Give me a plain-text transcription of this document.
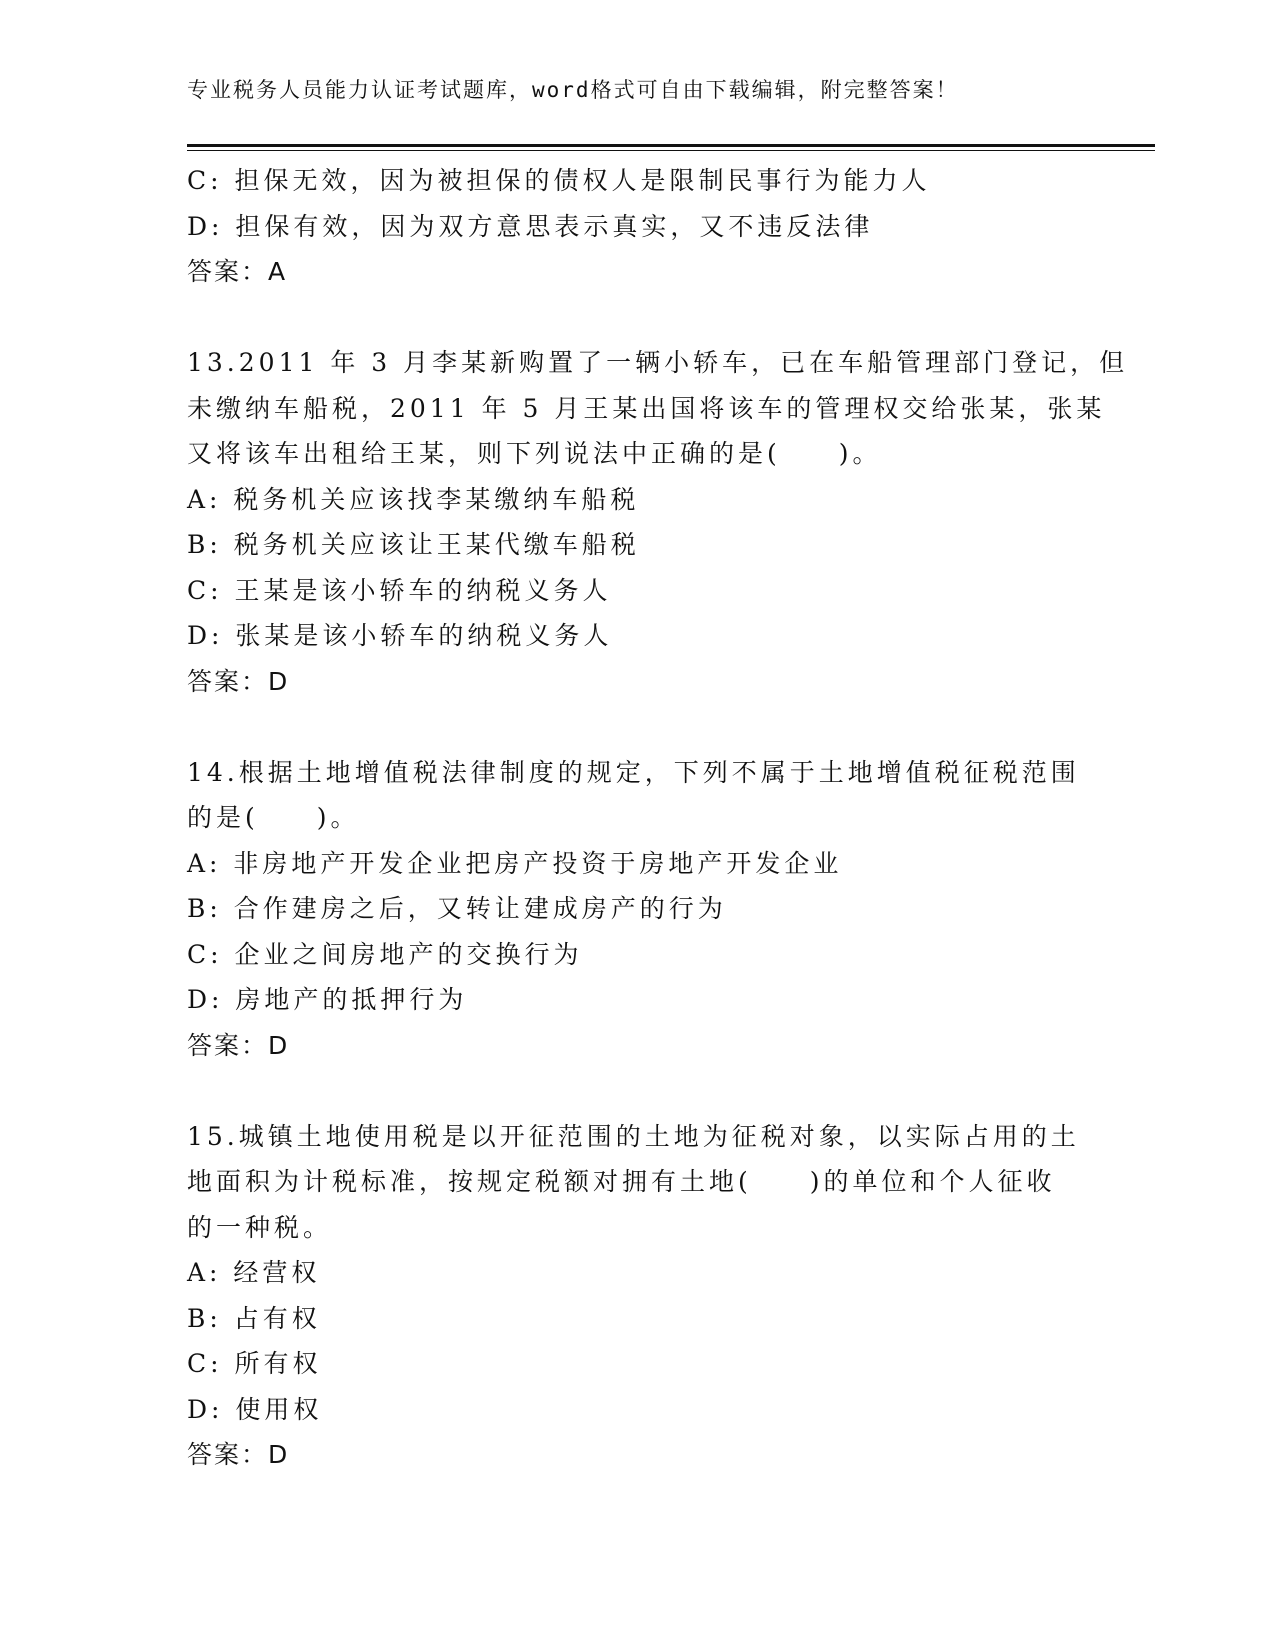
专业税务人员能力认证考试题库，word格式可自由下载编辑，附完整答案！
C: 担保无效，因为被担保的债权人是限制民事行为能力人
D: 担保有效，因为双方意思表示真实，又不违反法律
答案：A
13.2011 年 3 月李某新购置了一辆小轿车，已在车船管理部门登记，但
未缴纳车船税，2011 年 5 月王某出国将该车的管理权交给张某，张某
又将该车出租给王某，则下列说法中正确的是(　　)。
A: 税务机关应该找李某缴纳车船税
B: 税务机关应该让王某代缴车船税
C: 王某是该小轿车的纳税义务人
D: 张某是该小轿车的纳税义务人
答案：D
14.根据土地增值税法律制度的规定，下列不属于土地增值税征税范围
的是(　　)。
A: 非房地产开发企业把房产投资于房地产开发企业
B: 合作建房之后，又转让建成房产的行为
C: 企业之间房地产的交换行为
D: 房地产的抵押行为
答案：D
15.城镇土地使用税是以开征范围的土地为征税对象，以实际占用的土
地面积为计税标准，按规定税额对拥有土地(　　)的单位和个人征收
的一种税。
A: 经营权
B: 占有权
C: 所有权
D: 使用权
答案：D
